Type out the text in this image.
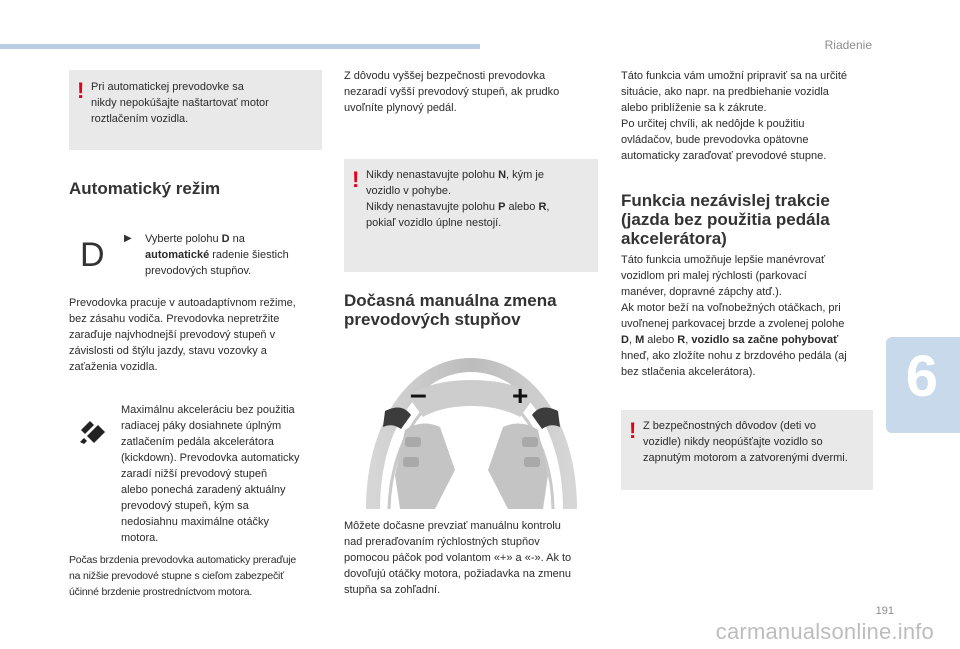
Riadenie
6
191
carmanualsonline.info
! Pri automatickej prevodovke sa
nikdy nepokúšajte naštartovať motor
roztlačením vozidla.
Automatický režim
D ▶ Vyberte polohu D na
automatické radenie šiestich
prevodových stupňov.
Prevodovka pracuje v autoadaptívnom režime,
bez zásahu vodiča. Prevodovka nepretržite
zaraďuje najvhodnejší prevodový stupeň v
závislosti od štýlu jazdy, stavu vozovky a
zaťaženia vozidla.
Maximálnu akceleráciu bez použitia
radiacej páky dosiahnete úplným
zatlačením pedála akcelerátora
(kickdown). Prevodovka automaticky
zaradí nižší prevodový stupeň
alebo ponechá zaradený aktuálny
prevodový stupeň, kým sa
nedosiahnu maximálne otáčky
motora.
Počas brzdenia prevodovka automaticky preraďuje
na nižšie prevodové stupne s cieľom zabezpečiť
účinné brzdenie prostredníctvom motora.
Z dôvodu vyššej bezpečnosti prevodovka
nezaradí vyšší prevodový stupeň, ak prudko
uvoľníte plynový pedál.
! Nikdy nenastavujte polohu N, kým je
vozidlo v pohybe.
Nikdy nenastavujte polohu P alebo R,
pokiaľ vozidlo úplne nestojí.
Dočasná manuálna zmena
prevodových stupňov
–	+
Môžete dočasne prevziať manuálnu kontrolu
nad preraďovaním rýchlostných stupňov
pomocou páčok pod volantom «+» a «-». Ak to
dovoľujú otáčky motora, požiadavka na zmenu
stupňa sa zohľadní.
Táto funkcia vám umožní pripraviť sa na určité
situácie, ako napr. na predbiehanie vozidla
alebo priblíženie sa k zákrute.
Po určitej chvíli, ak nedôjde k použitiu
ovládačov, bude prevodovka opätovne
automaticky zaraďovať prevodové stupne.
Funkcia nezávislej trakcie
(jazda bez použitia pedála
akcelerátora)
Táto funkcia umožňuje lepšie manévrovať
vozidlom pri malej rýchlosti (parkovací
manéver, dopravné zápchy atď.).
Ak motor beží na voľnobežných otáčkach, pri
uvoľnenej parkovacej brzde a zvolenej polohe
D, M alebo R, vozidlo sa začne pohybovať
hneď, ako zložíte nohu z brzdového pedála (aj
bez stlačenia akcelerátora).
! Z bezpečnostných dôvodov (deti vo
vozidle) nikdy neopúšťajte vozidlo so
zapnutým motorom a zatvorenými dvermi.
